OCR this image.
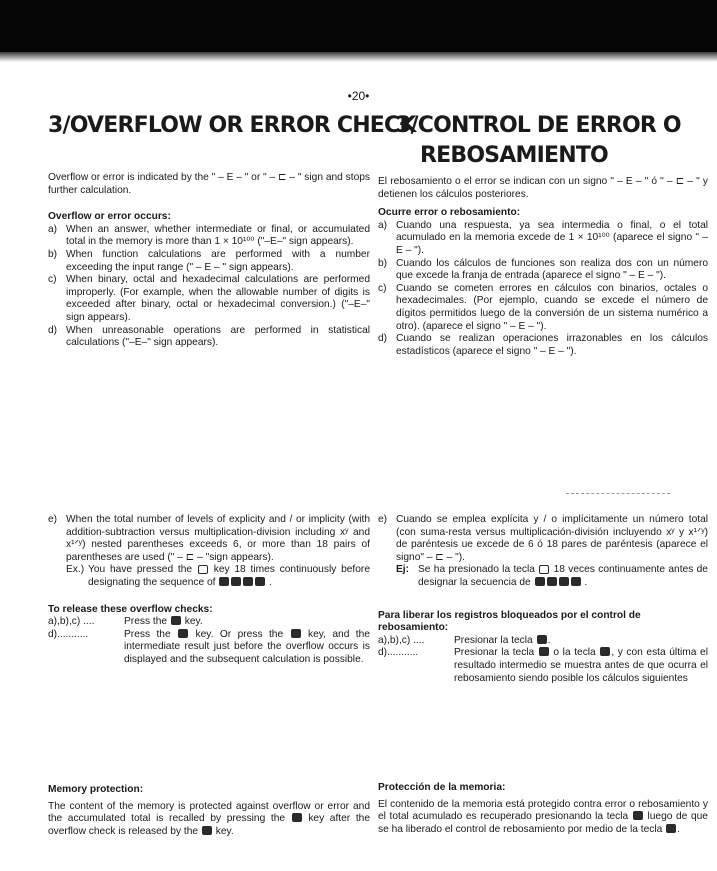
•20•
3/OVERFLOW OR ERROR CHECK

Overflow or error is indicated by the " – E – " or " – ⊏ – " sign and stops further calculation.

Overflow or error occurs:

a) When an answer, whether intermediate or final, or accumulated total in the memory is more than 1 × 10¹⁰⁰ ("–E–" sign appears).
b) When function calculations are performed with a number exceeding the input range (" – E – " sign appears).
c) When binary, octal and hexadecimal calculations are performed improperly. (For example, when the allowable number of digits is exceeded after binary, octal or hexadecimal conversion.) ("–E–" sign appears).
d) When unreasonable operations are performed in statistical calculations ("–E–" sign appears).
e) When the total number of levels of explicity and / or implicity (with addition-subtraction versus multiplication-division including xʸ and x¹ᐟʸ) nested parentheses exceeds 6, or more than 18 pairs of parentheses are used (" – ⊏ – "sign appears).
Ex.) You have pressed the key 18 times continuously before designating the sequence of	.

To release these overflow checks:

a),b),c) ....	Press the key.
d)...........	Press the key. Or press the key, and the intermediate result just before the overflow occurs is displayed and the subsequent calculation is possible.

Memory protection:

The content of the memory is protected against overflow or error and the accumulated total is recalled by pressing the key after the overflow check is released by the key.

3/CONTROL DE ERROR O
REBOSAMIENTO

El rebosamiento o el error se indican con un signo " – E – " ó " – ⊏ – " y detienen los cálculos posteriores.

Ocurre error o rebosamiento:

a) Cuando una respuesta, ya sea intermedia o final, o el total acumulado en la memoria excede de 1 × 10¹⁰⁰ (aparece el signo " – E – ").
b) Cuando los cálculos de funciones son realiza dos con un número que excede la franja de entrada (aparece el signo " – E – ").
c) Cuando se cometen errores en cálculos con binarios, octales o hexadecimales. (Por ejemplo, cuando se excede el número de dígitos permitidos luego de la conversión de un sistema numérico a otro). (aparece el signo " – E – ").
d) Cuando se realizan operaciones irrazonables en los cálculos estadísticos (aparece el signo " – E – ").
e) Cuando se emplea explícita y / o implícitamente un número total (con suma-resta versus multiplicación-división incluyendo xʸ y x¹ᐟʸ) de paréntesis ue excede de 6 ó 18 pares de paréntesis (aparece el signo" – ⊏ – ").
Ej: Se ha presionado la tecla 18 veces continuamente antes de designar la secuencia de	.

Para liberar los registros bloqueados por el control de rebosamiento:

a),b),c) ....	Presionar la tecla .
d)...........	Presionar la tecla o la tecla , y con esta última el resultado intermedio se muestra antes de que ocurra el rebosamiento siendo posible los cálculos siguientes

Protección de la memoria:

El contenido de la memoria está protegido contra error o rebosamiento y el total acumulado es recuperado presionando la tecla luego de que se ha liberado el control de rebosamiento por medio de la tecla .
